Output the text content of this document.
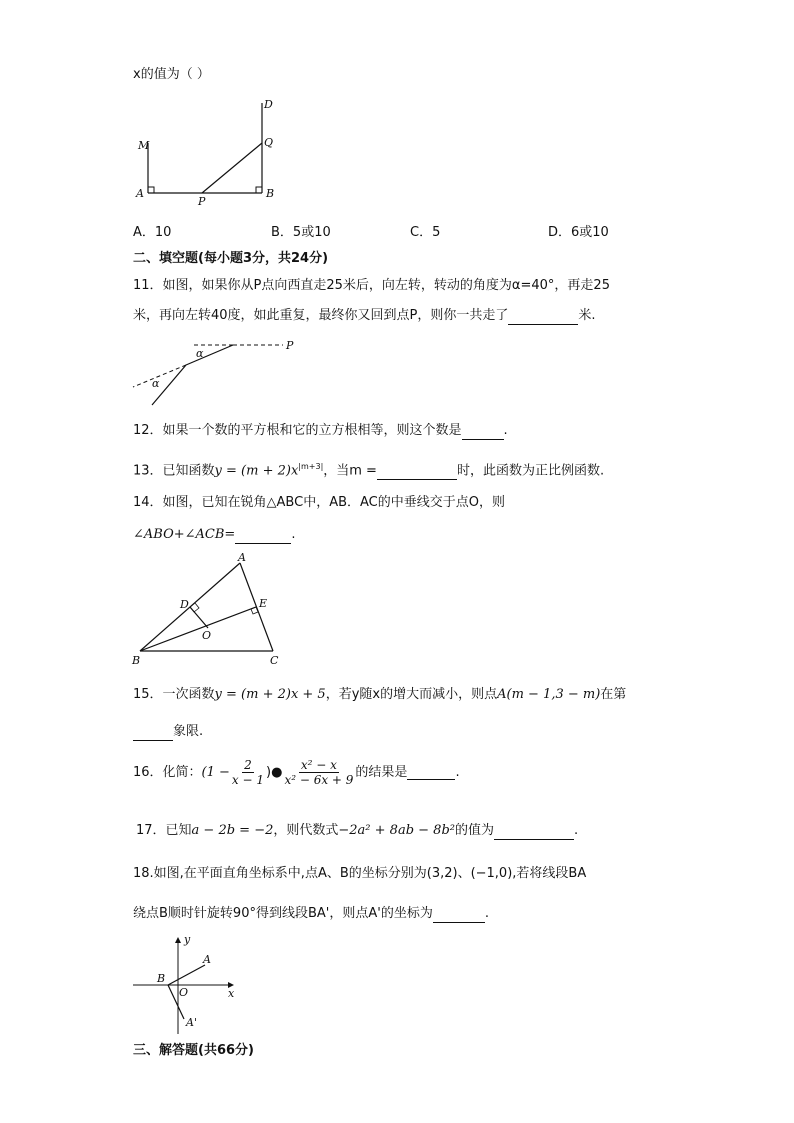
x的值为（ ）
M
A
P
B
Q
D
A．10	B．5或10	C．5	D．6或10
二、填空题(每小题3分，共24分)
11．如图，如果你从P点向西直走25米后，向左转，转动的角度为α=40°，再走25
米，再向左转40度，如此重复，最终你又回到点P，则你一共走了	米.
α
α
P
12．如果一个数的平方根和它的立方根相等，则这个数是	.
13．已知函数$y = (m + 2)x^{|m+3|}$，当m =	时，此函数为正比例函数.
14．如图，已知在锐角△ABC中，AB．AC的中垂线交于点O，则
∠ABO+∠ACB=	.
A
B	C
D	E
O
15．一次函数y = (m + 2)x + 5，若y随x的增大而减小，则点A(m − 1,3 − m)在第
象限.
16．化简： ($1 - \frac{2}{x - 1}$ )● $\frac{\text{x² − x}}{\text{x² − 6x + 9}}$ 的结果是	.
17．已知a − 2b = −2，则代数式−2a² + 8ab − 8b²的值为	.
18.如图,在平面直角坐标系中,点A、B的坐标分别为(3,2)、(−1,0),若将线段BA
绕点B顺时针旋转90°得到线段BA'，则点A'的坐标为	.
y
x
A
B
O
A'
三、解答题(共66分)
